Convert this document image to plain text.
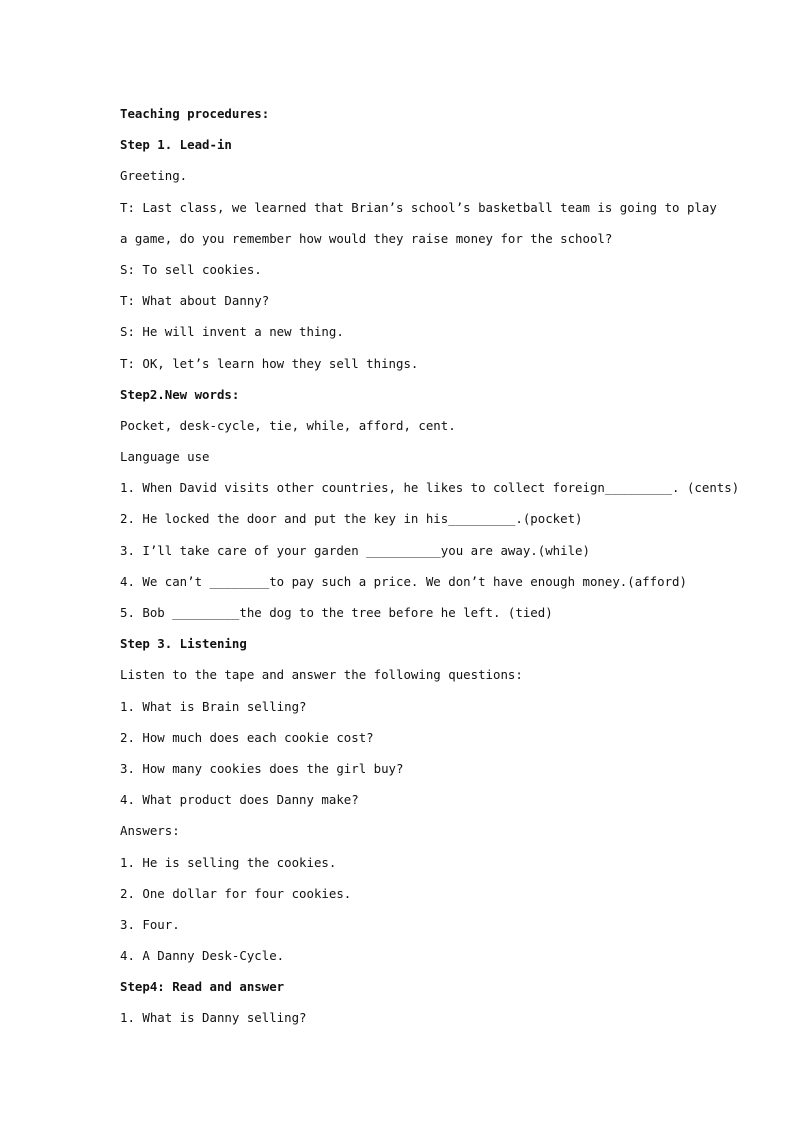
Teaching procedures:
Step 1. Lead-in
Greeting.
T: Last class, we learned that Brian’s school’s basketball team is going to play
a game, do you remember how would they raise money for the school?
S: To sell cookies.
T: What about Danny?
S: He will invent a new thing.
T: OK, let’s learn how they sell things.
Step2.New words:
Pocket, desk-cycle, tie, while, afford, cent.
Language use
1. When David visits other countries, he likes to collect foreign_________. (cents)
2. He locked the door and put the key in his_________.(pocket)
3. I’ll take care of your garden __________you are away.(while)
4. We can’t ________to pay such a price. We don’t have enough money.(afford)
5. Bob _________the dog to the tree before he left. (tied)
Step 3. Listening
Listen to the tape and answer the following questions:
1. What is Brain selling?
2. How much does each cookie cost?
3. How many cookies does the girl buy?
4. What product does Danny make?
Answers:
1. He is selling the cookies.
2. One dollar for four cookies.
3. Four.
4. A Danny Desk-Cycle.
Step4: Read and answer
1. What is Danny selling?
